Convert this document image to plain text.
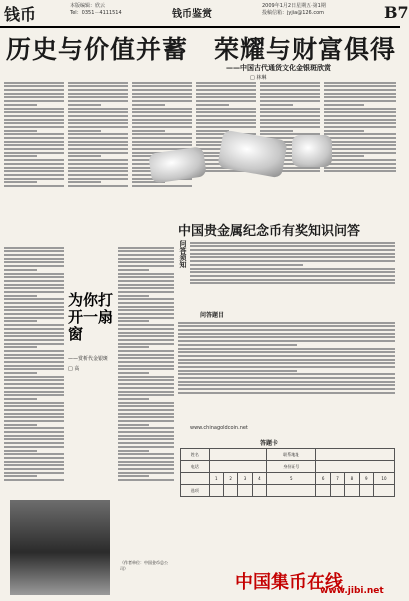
钱币	本版编辑：欣云
Tel：0351－4111514	钱币鉴赏
2009年1月2日星期五·第1期
投稿信箱：jyjia@126.com	B7
历史与价值并蓄　荣耀与财富俱得
——中国古代通货文化金银斑欣赏
□ 林琳
为你打开一扇窗
——赏析代金银斑
□ 高
（作者单位：中国金币总公司）
中国贵金属纪念币有奖知识问答
问答须知
问答题目
www.chinagoldcoin.net
答题卡
姓名					联系地址					
电话					身份证号					
	1	2	3	4	5	6	7	8	9	10
选项										
中国集币在线
www.jibi.net
